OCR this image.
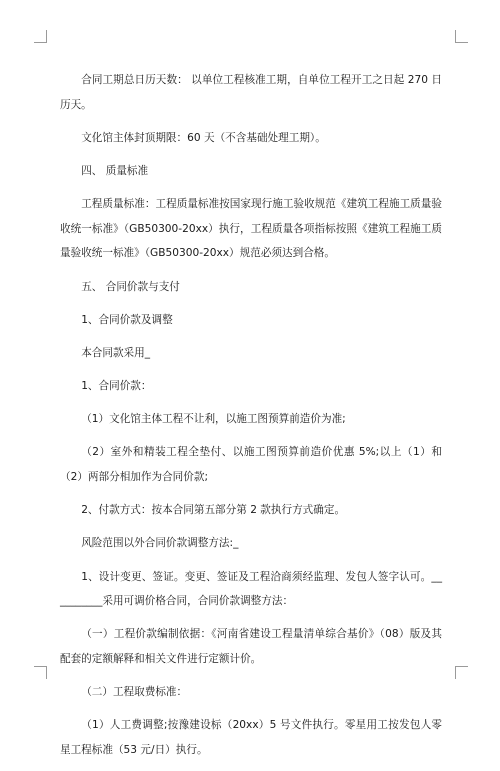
合同工期总日历天数： 以单位工程核准工期，自单位工程开工之日起 270 日历天。

文化馆主体封顶期限：60 天（不含基础处理工期）。

四、 质量标准

工程质量标准：工程质量标准按国家现行施工验收规范《建筑工程施工质量验收统一标准》（GB50300-20xx）执行，工程质量各项指标按照《建筑工程施工质量验收统一标准》（GB50300-20xx）规范必须达到合格。

五、 合同价款与支付

1、合同价款及调整

本合同款采用_

1、合同价款：

（1）文化馆主体工程不让利，以施工图预算前造价为准;

（2）室外和精装工程全垫付、以施工图预算前造价优惠 5%;以上（1）和（2）两部分相加作为合同价款;

2、付款方式：按本合同第五部分第 2 款执行方式确定。

风险范围以外合同价款调整方法:_

1、设计变更、签证。变更、签证及工程洽商须经监理、发包人签字认可。__________采用可调价格合同，合同价款调整方法：

（一）工程价款编制依据：《河南省建设工程量清单综合基价》（08）版及其配套的定额解释和相关文件进行定额计价。

（二）工程取费标准：

（1）人工费调整;按豫建设标（20xx）5 号文件执行。零星用工按发包人零星工程标准（53 元/日）执行。
